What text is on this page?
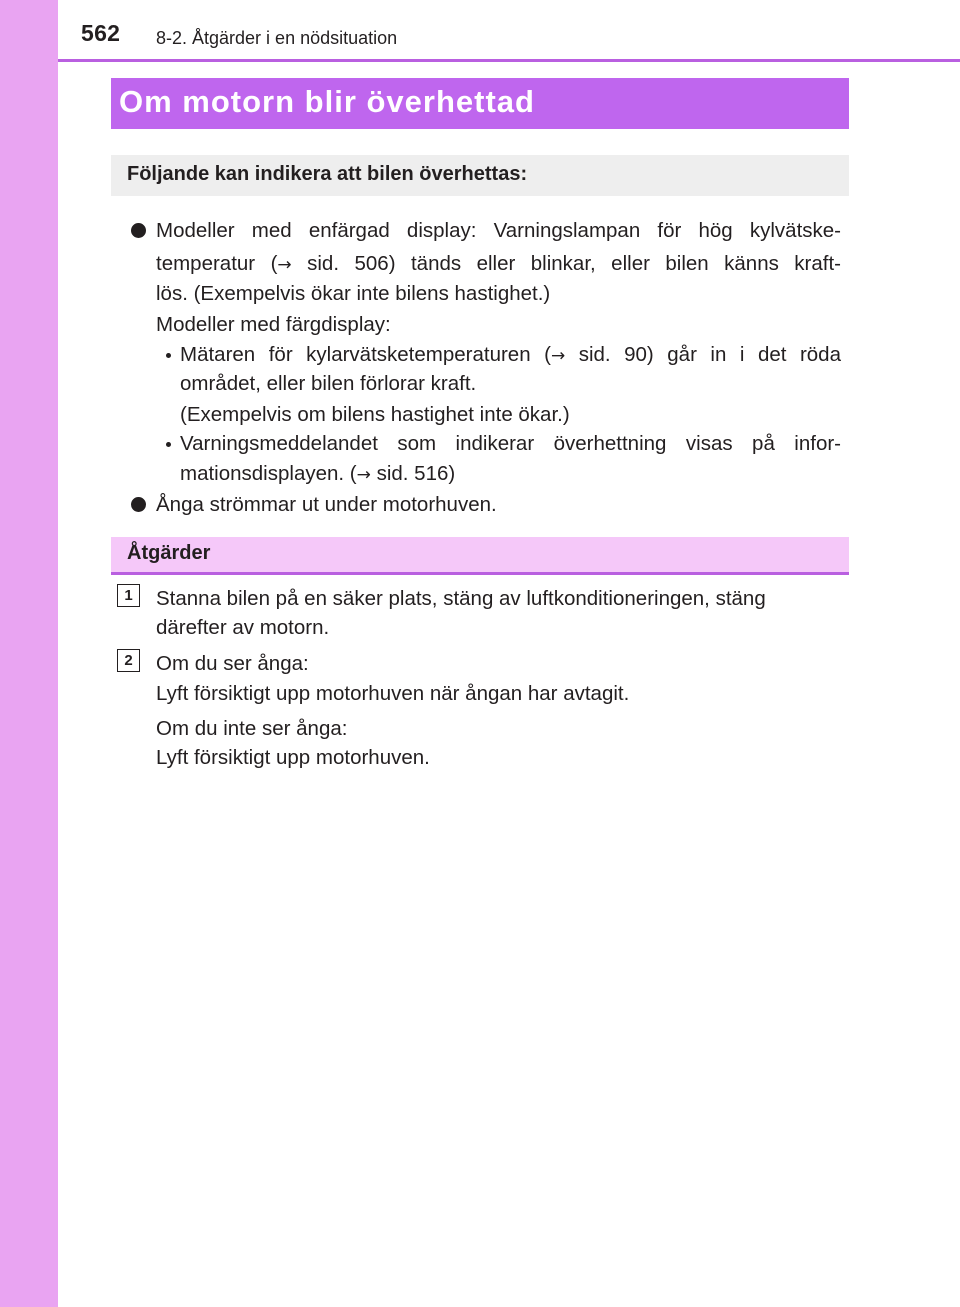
562 8-2. Åtgärder i en nödsituation
Om motorn blir överhettad
Följande kan indikera att bilen överhettas:
Modeller med enfärgad display: Varningslampan för hög kylvätske-
temperatur (→ sid. 506) tänds eller blinkar, eller bilen känns kraft-
lös. (Exempelvis ökar inte bilens hastighet.)
Modeller med färgdisplay:
Mätaren för kylarvätsketemperaturen (→ sid. 90) går in i det röda
området, eller bilen förlorar kraft.
(Exempelvis om bilens hastighet inte ökar.)
Varningsmeddelandet som indikerar överhettning visas på infor-
mationsdisplayen. (→ sid. 516)
Ånga strömmar ut under motorhuven.
Åtgärder
1	Stanna bilen på en säker plats, stäng av luftkonditioneringen, stäng
därefter av motorn.
2	Om du ser ånga:
Lyft försiktigt upp motorhuven när ångan har avtagit.
Om du inte ser ånga:
Lyft försiktigt upp motorhuven.
